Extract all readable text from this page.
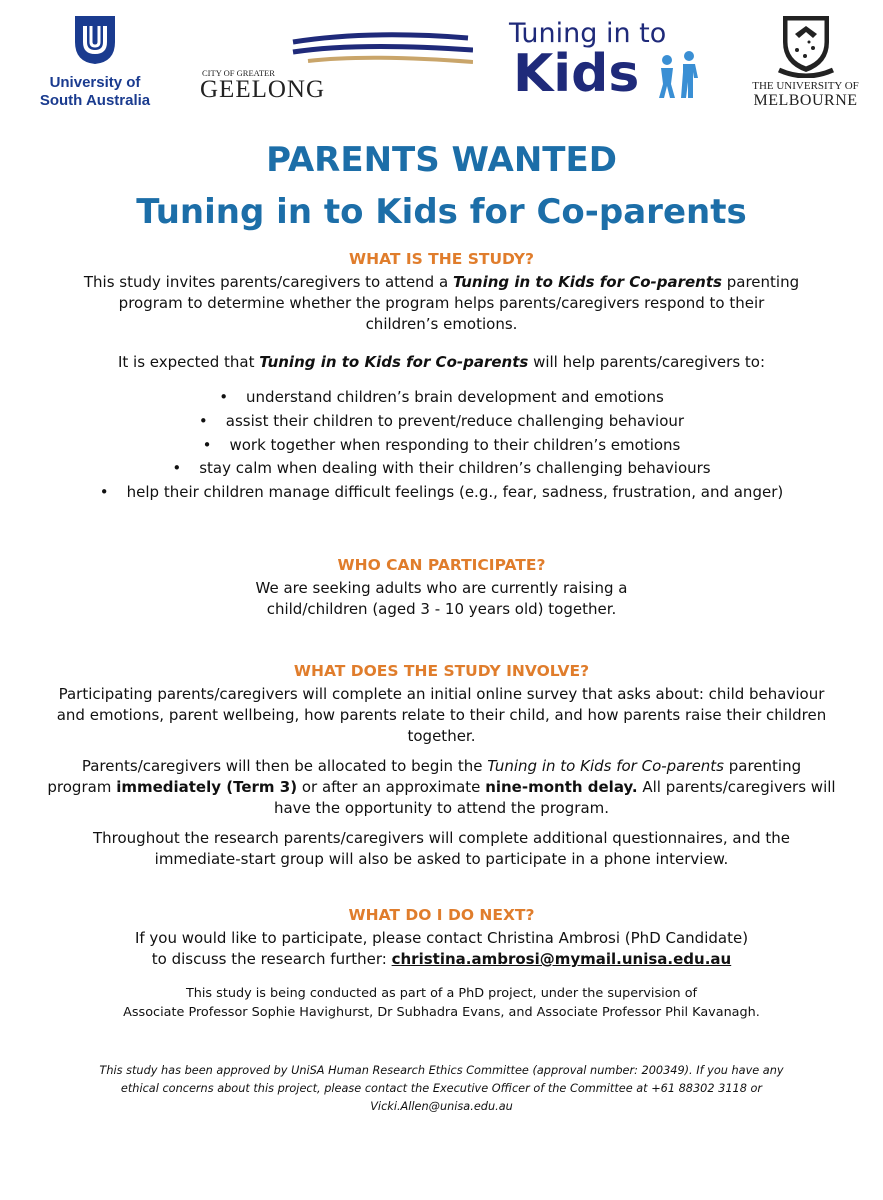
University of
South Australia
CITY OF GREATER
GEELONG
Tuning in to
Kids	THE UNIVERSITY OF
MELBOURNE
PARENTS WANTED
Tuning in to Kids for Co-parents
WHAT IS THE STUDY?
This study invites parents/caregivers to attend a Tuning in to Kids for Co-parents parenting
program to determine whether the program helps parents/caregivers respond to their
children’s emotions.
It is expected that Tuning in to Kids for Co-parents will help parents/caregivers to:
• understand children’s brain development and emotions
• assist their children to prevent/reduce challenging behaviour
• work together when responding to their children’s emotions
• stay calm when dealing with their children’s challenging behaviours
• help their children manage difficult feelings (e.g., fear, sadness, frustration, and anger)
WHO CAN PARTICIPATE?
We are seeking adults who are currently raising a
child/children (aged 3 - 10 years old) together.
WHAT DOES THE STUDY INVOLVE?
Participating parents/caregivers will complete an initial online survey that asks about: child behaviour
and emotions, parent wellbeing, how parents relate to their child, and how parents raise their children
together.
Parents/caregivers will then be allocated to begin the Tuning in to Kids for Co-parents parenting
program immediately (Term 3) or after an approximate nine-month delay. All parents/caregivers will
have the opportunity to attend the program.
Throughout the research parents/caregivers will complete additional questionnaires, and the
immediate-start group will also be asked to participate in a phone interview.
WHAT DO I DO NEXT?
If you would like to participate, please contact Christina Ambrosi (PhD Candidate)
to discuss the research further: christina.ambrosi@mymail.unisa.edu.au
This study is being conducted as part of a PhD project, under the supervision of
Associate Professor Sophie Havighurst, Dr Subhadra Evans, and Associate Professor Phil Kavanagh.
This study has been approved by UniSA Human Research Ethics Committee (approval number: 200349). If you have any
ethical concerns about this project, please contact the Executive Officer of the Committee at +61 88302 3118 or
Vicki.Allen@unisa.edu.au
